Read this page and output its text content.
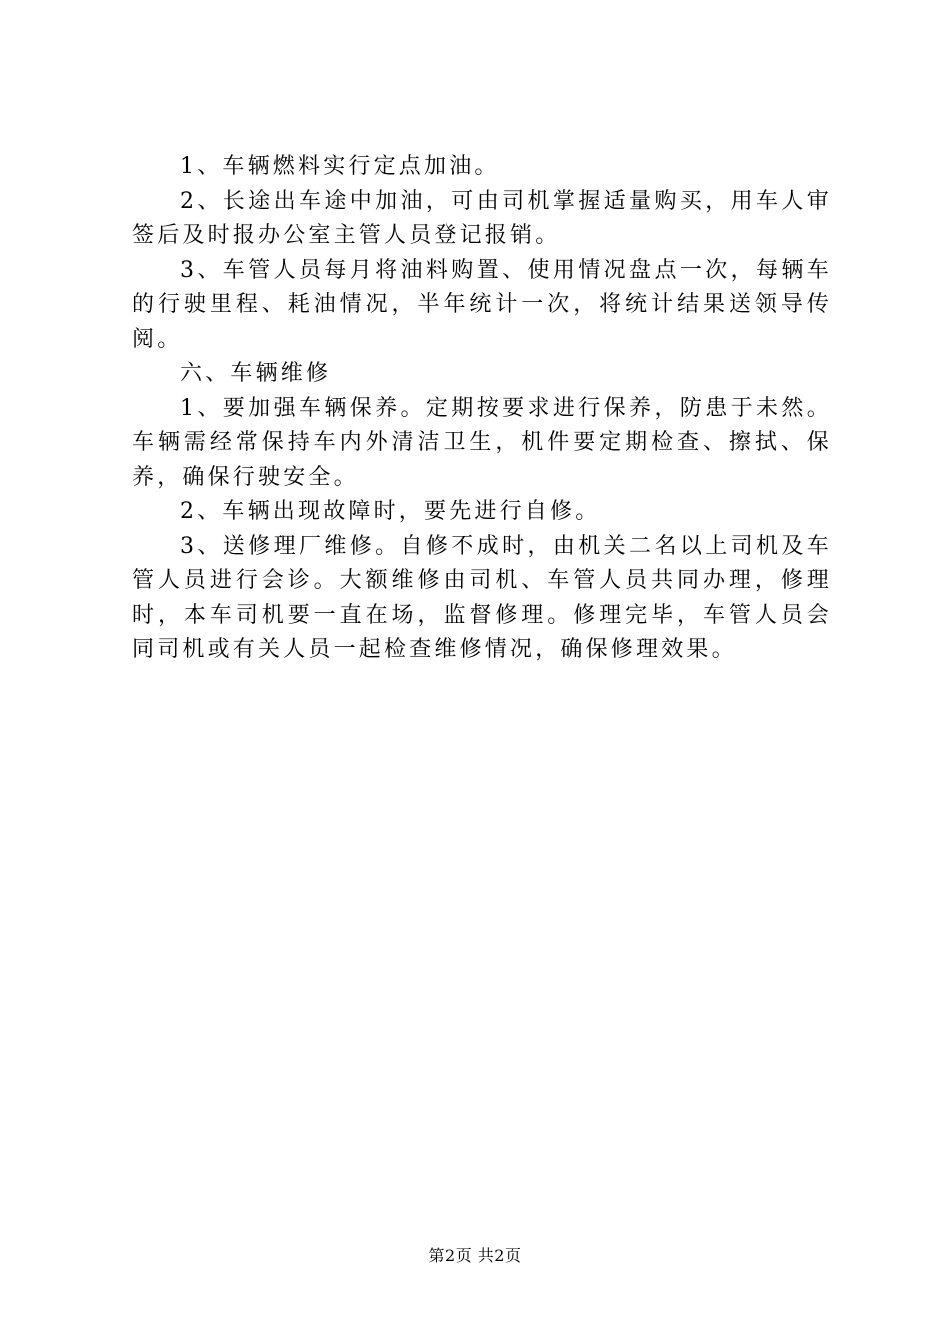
1、车辆燃料实行定点加油。

2、长途出车途中加油，可由司机掌握适量购买，用车人审签后及时报办公室主管人员登记报销。

3、车管人员每月将油料购置、使用情况盘点一次，每辆车的行驶里程、耗油情况，半年统计一次，将统计结果送领导传阅。

六、车辆维修

1、要加强车辆保养。定期按要求进行保养，防患于未然。车辆需经常保持车内外清洁卫生，机件要定期检查、擦拭、保养，确保行驶安全。

2、车辆出现故障时，要先进行自修。

3、送修理厂维修。自修不成时，由机关二名以上司机及车管人员进行会诊。大额维修由司机、车管人员共同办理，修理时，本车司机要一直在场，监督修理。修理完毕，车管人员会同司机或有关人员一起检查维修情况，确保修理效果。

第2页 共2页
